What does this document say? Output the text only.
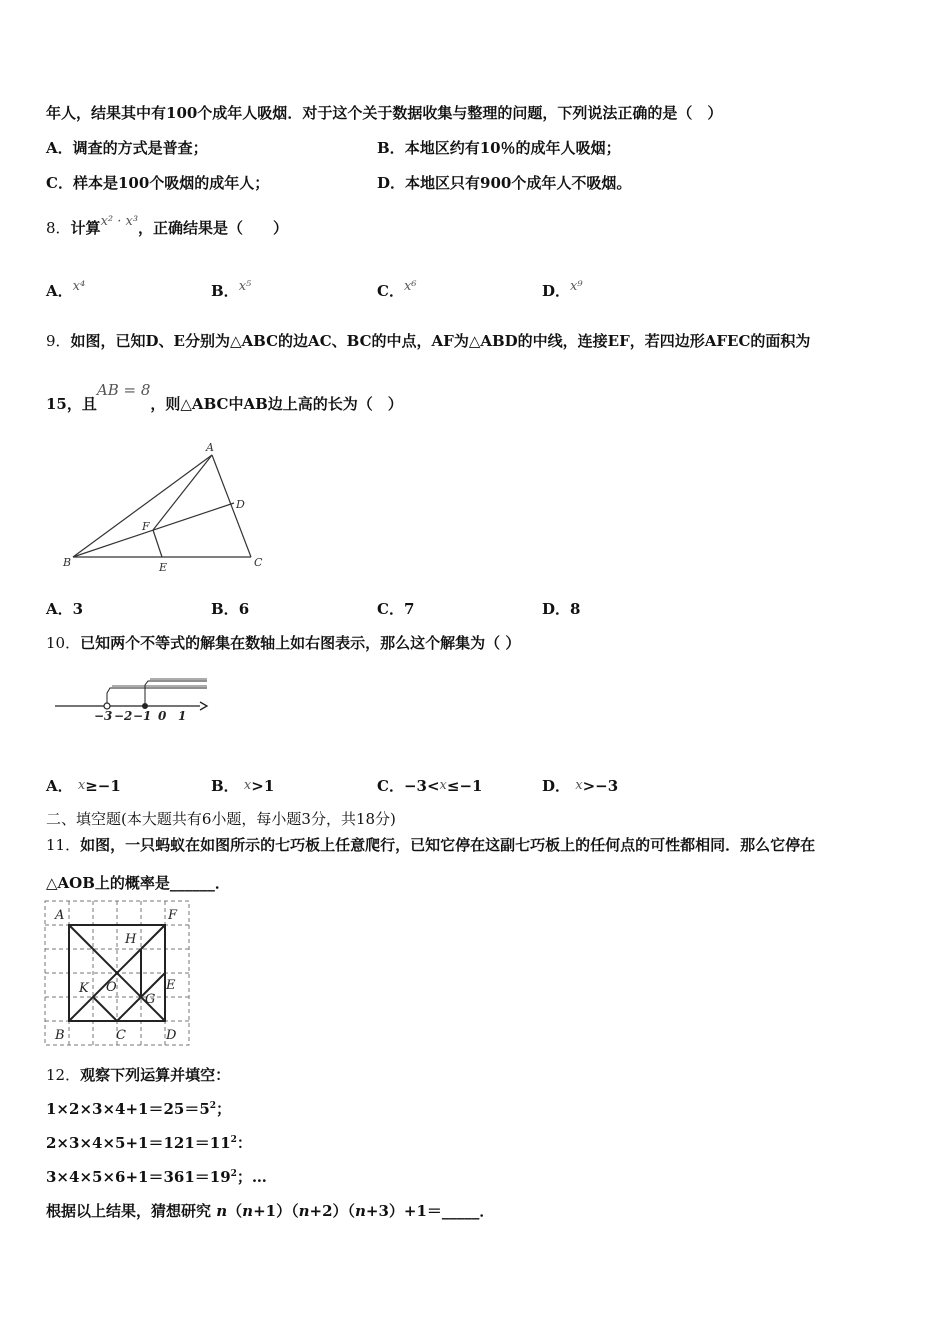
年人，结果其中有100个成年人吸烟．对于这个关于数据收集与整理的问题，下列说法正确的是（　）
A．调查的方式是普查；	B．本地区约有10％的成年人吸烟；
C．样本是100个吸烟的成年人；	D．本地区只有900个成年人不吸烟。
8．计算x² · x³，正确结果是（　　）
A．x⁴	B．x⁵	C．x⁶	D．x⁹
9．如图，已知D、E分别为△ABC的边AC、BC的中点，AF为△ABD的中线，连接EF，若四边形AFEC的面积为
15，且AB = 8，则△ABC中AB边上高的长为（　）
A
B	C
D
E
F
A．3	B．6	C．7	D．8
10．已知两个不等式的解集在数轴上如右图表示，那么这个解集为（ ）
−3 −2 −1 0 1
A． x≥−1	B． x>1	C．−3<x≤−1	D． x>−3
二、填空题(本大题共有6小题，每小题3分，共18分)
11．如图，一只蚂蚁在如图所示的七巧板上任意爬行，已知它停在这副七巧板上的任何点的可性都相同．那么它停在
△AOB上的概率是______．
A	F
H
K O
G
E
B	C	D
12．观察下列运算并填空：
$1\times 2\times 3\times 4+1=25=5^2$；
$2\times 3\times 4\times 5+1=121=11^2$：
$3\times 4\times 5\times 6+1=361=19^2$；…
根据以上结果，猜想研究 n（n+1）（n+2）（n+3）+1＝_____．
